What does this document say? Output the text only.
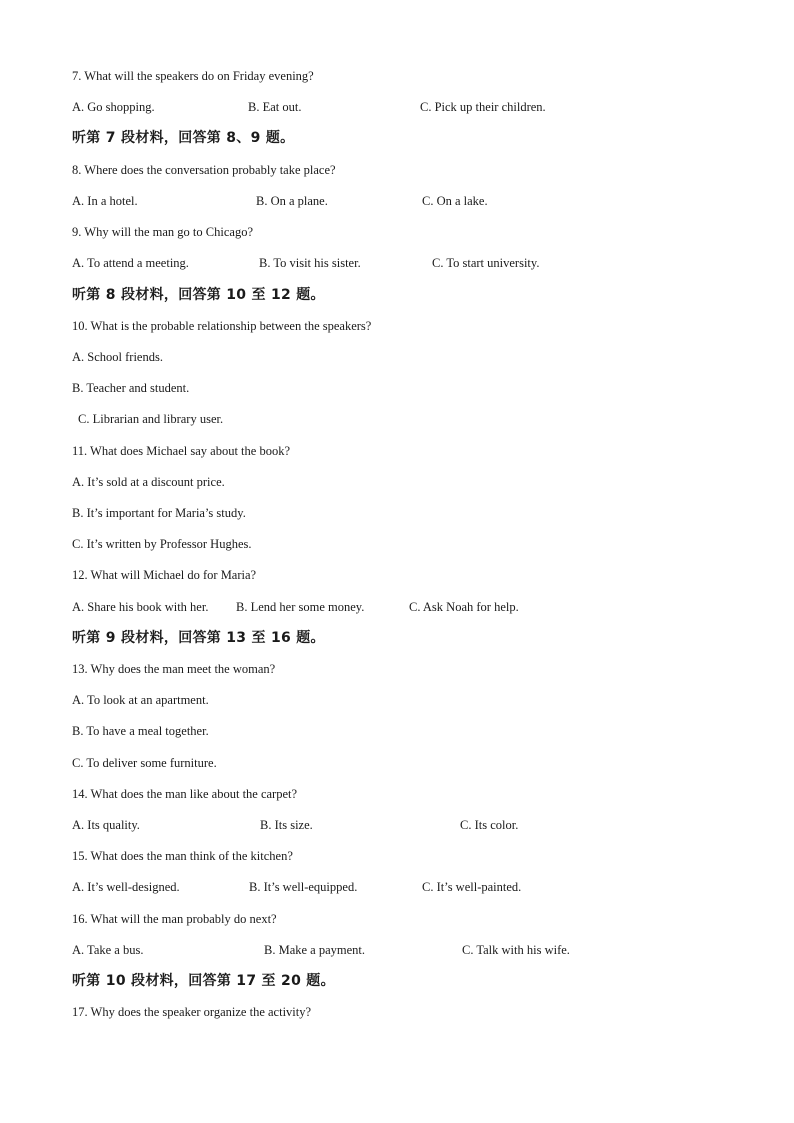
7. What will the speakers do on Friday evening?
A. Go shopping.	B. Eat out.	C. Pick up their children.
听第 7 段材料，回答第 8、9 题。
8. Where does the conversation probably take place?
A. In a hotel.	B. On a plane.	C. On a lake.
9. Why will the man go to Chicago?
A. To attend a meeting.	B. To visit his sister.	C. To start university.
听第 8 段材料，回答第 10 至 12 题。
10. What is the probable relationship between the speakers?
A. School friends.
B. Teacher and student.
C. Librarian and library user.
11. What does Michael say about the book?
A. It’s sold at a discount price.
B. It’s important for Maria’s study.
C. It’s written by Professor Hughes.
12. What will Michael do for Maria?
A. Share his book with her. B. Lend her some money.	C. Ask Noah for help.
听第 9 段材料，回答第 13 至 16 题。
13. Why does the man meet the woman?
A. To look at an apartment.
B. To have a meal together.
C. To deliver some furniture.
14. What does the man like about the carpet?
A. Its quality.	B. Its size.	C. Its color.
15. What does the man think of the kitchen?
A. It’s well-designed.	B. It’s well-equipped.	C. It’s well-painted.
16. What will the man probably do next?
A. Take a bus.	B. Make a payment.	C. Talk with his wife.
听第 10 段材料，回答第 17 至 20 题。
17. Why does the speaker organize the activity?
